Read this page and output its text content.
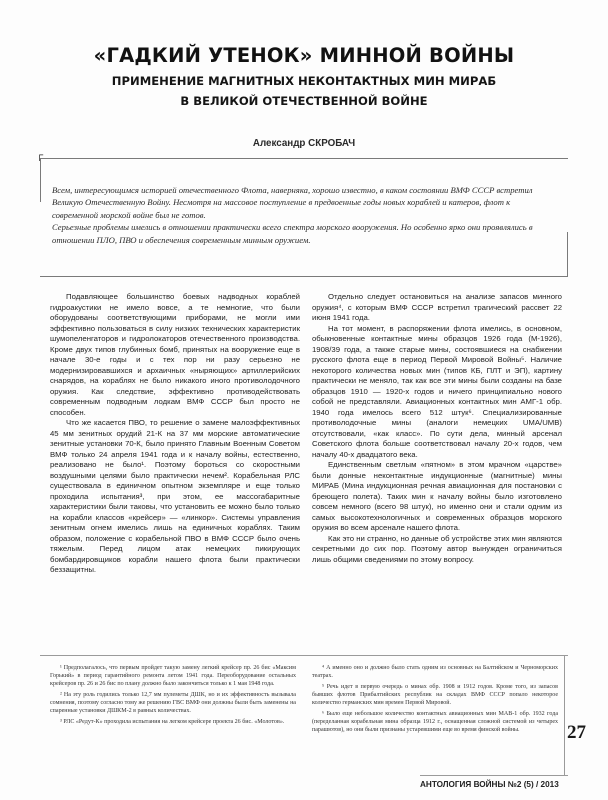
«ГАДКИЙ УТЕНОК» МИННОЙ ВОЙНЫ
ПРИМЕНЕНИЕ МАГНИТНЫХ НЕКОНТАКТНЫХ МИН МИРАБ
В ВЕЛИКОЙ ОТЕЧЕСТВЕННОЙ ВОЙНЕ
Александр СКРОБАЧ
┌

Всем, интересующимся историей отечественного Флота, наверняка, хорошо известно, в каком состоянии ВМФ СССР встретил Великую Отечественную Войну. Несмотря на массовое поступление в предвоенные годы новых кораблей и катеров, флот к современной морской войне был не готов.

Серьезные проблемы имелись в отношении практически всего спектра морского вооружения. Но особенно ярко они проявлялись в отношении ПЛО, ПВО и обеспечения современным минным оружием.

Подавляющее большинство боевых надводных кораблей гидроакустики не имело вовсе, а те немногие, что были оборудованы соответствующими приборами, не могли ими эффективно пользоваться в силу низких технических характеристик шумопеленгаторов и гидролокаторов отечественного производства. Кроме двух типов глубинных бомб, принятых на вооружение еще в начале 30-е годы и с тех пор ни разу серьезно не модернизировавшихся и архаичных «ныряющих» артиллерийских снарядов, на кораблях не было никакого иного противолодочного оружия. Как следствие, эффективно противодействовать современным подводным лодкам ВМФ СССР был просто не способен.

Что же касается ПВО, то решение о замене малоэффективных 45 мм зенитных орудий 21-К на 37 мм морские автоматические зенитные установки 70-К, было принято Главным Военным Советом ВМФ только 24 апреля 1941 года и к началу войны, естественно, реализовано не было¹. Поэтому бороться со скоростными воздушными целями было практически нечем². Корабельная РЛС существовала в единичном опытном экземпляре и еще только проходила испытания³, при этом, ее массогабаритные характеристики были таковы, что установить ее можно было только на корабли классов «крейсер» — «линкор». Системы управления зенитным огнем имелись лишь на единичных кораблях. Таким образом, положение с корабельной ПВО в ВМФ СССР было очень тяжелым. Перед лицом атак немецких пикирующих бомбардировщиков корабли нашего флота были практически беззащитны.

Отдельно следует остановиться на анализе запасов минного оружия⁴, с которым ВМФ СССР встретил трагический рассвет 22 июня 1941 года.

На тот момент, в распоряжении флота имелись, в основном, обыкновенные контактные мины образцов 1926 года (М-1926), 1908/39 года, а также старые мины, состоявшиеся на снабжении русского флота еще в период Первой Мировой Войны⁵. Наличие некоторого количества новых мин (типов КБ, ПЛТ и ЭП), картину практически не меняло, так как все эти мины были созданы на базе образцов 1910 — 1920-х годов и ничего принципиально нового собой не представляли. Авиационных контактных мин АМГ-1 обр. 1940 года имелось всего 512 штук⁶. Специализированные противолодочные мины (аналоги немецких UMA/UMB) отсутствовали, «как класс». По сути дела, минный арсенал Советского флота больше соответствовал началу 20-х годов, чем началу 40-х двадцатого века.

Единственным светлым «пятном» в этом мрачном «царстве» были донные неконтактные индукционные (магнитные) мины МИРАБ (Мина индукционная речная авиационная для постановки с бреющего полета). Таких мин к началу войны было изготовлено совсем немного (всего 98 штук), но именно они и стали одним из самых высокотехнологичных и современных образцов морского оружия во всем арсенале нашего флота.

Как это ни странно, но данные об устройстве этих мин являются секретными до сих пор. Поэтому автор вынужден ограничиться лишь общими сведениями по этому вопросу.

¹ Предполагалось, что первым пройдет такую замену легкий крейсер пр. 26 бис «Максим Горький» в период гарантийного ремонта летом 1941 года. Переоборудование остальных крейсеров пр. 26 и 26 бис по плану должно было закончиться только к 1 мая 1948 года.

² На эту роль годились только 12,7 мм пулеметы ДШК, но и их эффективность вызывала сомнения, поэтому согласно тому же решению ГВС ВМФ они должны были быть заменены на спаренные установки ДШКМ-2 в равных количествах.

³ РЛС «Редут-К» проходила испытания на легком крейсере проекта 26 бис. «Молотов».

⁴ А именно оно и должно было стать одним из основных на Балтийском и Черноморских театрах.

⁵ Речь идет в первую очередь о минах обр. 1908 и 1912 годов. Кроме того, из запасов бывших флотов Прибалтийских республик на складах ВМФ СССР попало некоторое количество германских мин времен Первой Мировой.

⁶ Было еще небольшое количество контактных авиационных мин МАВ-1 обр. 1932 года (переделанная корабельная мина образца 1912 г., оснащенная сложной системой из четырех парашютов), но они были признаны устаревшими еще во время финской войны.	27
АНТОЛОГИЯ ВОЙНЫ №2 (5) / 2013
